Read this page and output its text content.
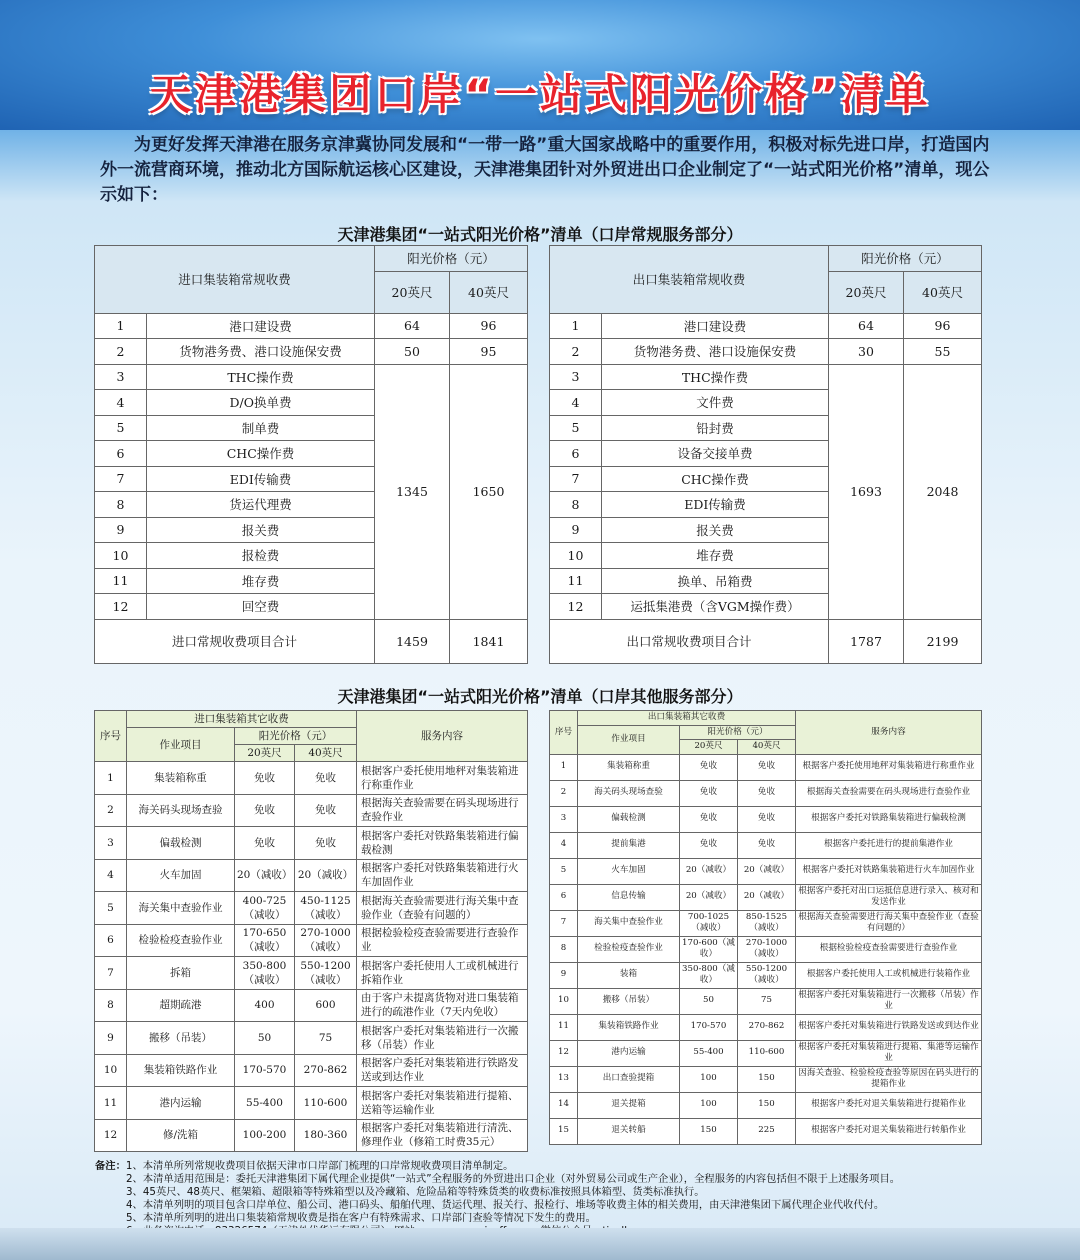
天津港集团口岸“一站式阳光价格”清单
为更好发挥天津港在服务京津冀协同发展和“一带一路”重大国家战略中的重要作用，积极对标先进口岸，打造国内外一流营商环境，推动北方国际航运核心区建设，天津港集团针对外贸进出口企业制定了“一站式阳光价格”清单，现公示如下：
天津港集团“一站式阳光价格”清单（口岸常规服务部分）
进口集装箱常规收费		阳光价格（元）	
		20英尺	40英尺
1	港口建设费	64	96
2	货物港务费、港口设施保安费	50	95
3	THC操作费	1345	1650
4	D/O换单费		
5	制单费		
6	CHC操作费		
7	EDI传输费		
8	货运代理费		
9	报关费		
10	报检费		
11	堆存费		
12	回空费		
进口常规收费项目合计		1459	1841
出口集装箱常规收费		阳光价格（元）	
		20英尺	40英尺
1	港口建设费	64	96
2	货物港务费、港口设施保安费	30	55
3	THC操作费	1693	2048
4	文件费		
5	铅封费		
6	设备交接单费		
7	CHC操作费		
8	EDI传输费		
9	报关费		
10	堆存费		
11	换单、吊箱费		
12	运抵集港费（含VGM操作费）		
出口常规收费项目合计		1787	2199
天津港集团“一站式阳光价格”清单（口岸其他服务部分）
序号	进口集装箱其它收费			服务内容
	作业项目	阳光价格（元）		
		20英尺	40英尺	
1	集装箱称重	免收	免收	根据客户委托使用地秤对集装箱进行称重作业
2	海关码头现场查验	免收	免收	根据海关查验需要在码头现场进行查验作业
3	偏载检测	免收	免收	根据客户委托对铁路集装箱进行偏载检测
4	火车加固	20（减收）	20（减收）	根据客户委托对铁路集装箱进行火车加固作业
5	海关集中查验作业	400-725（减收）	450-1125（减收）	根据海关查验需要进行海关集中查验作业（查验有问题的）
6	检验检疫查验作业	170-650（减收）	270-1000（减收）	根据检验检疫查验需要进行查验作业
7	拆箱	350-800（减收）	550-1200（减收）	根据客户委托使用人工或机械进行拆箱作业
8	超期疏港	400	600	由于客户未提离货物对进口集装箱进行的疏港作业（7天内免收）
9	搬移（吊装）	50	75	根据客户委托对集装箱进行一次搬移（吊装）作业
10	集装箱铁路作业	170-570	270-862	根据客户委托对集装箱进行铁路发送或到达作业
11	港内运输	55-400	110-600	根据客户委托对集装箱进行提箱、送箱等运输作业
12	修/洗箱	100-200	180-360	根据客户委托对集装箱进行清洗、修理作业（修箱工时费35元）
序号	出口集装箱其它收费			服务内容
	作业项目	阳光价格（元）		
		20英尺	40英尺	
1	集装箱称重	免收	免收	根据客户委托使用地秤对集装箱进行称重作业
2	海关码头现场查验	免收	免收	根据海关查验需要在码头现场进行查验作业
3	偏载检测	免收	免收	根据客户委托对铁路集装箱进行偏载检测
4	提前集港	免收	免收	根据客户委托进行的提前集港作业
5	火车加固	20（减收）	20（减收）	根据客户委托对铁路集装箱进行火车加固作业
6	信息传输	20（减收）	20（减收）	根据客户委托对出口运抵信息进行录入、核对和发送作业
7	海关集中查验作业	700-1025（减收）	850-1525（减收）	根据海关查验需要进行海关集中查验作业（查验有问题的）
8	检验检疫查验作业	170-600（减收）	270-1000（减收）	根据检验检疫查验需要进行查验作业
9	装箱	350-800（减收）	550-1200（减收）	根据客户委托使用人工或机械进行装箱作业
10	搬移（吊装）	50	75	根据客户委托对集装箱进行一次搬移（吊装）作业
11	集装箱铁路作业	170-570	270-862	根据客户委托对集装箱进行铁路发送或到达作业
12	港内运输	55-400	110-600	根据客户委托对集装箱进行提箱、集港等运输作业
13	出口查验提箱	100	150	因海关查验、检验检疫查验等原因在码头进行的提箱作业
14	退关提箱	100	150	根据客户委托对退关集装箱进行提箱作业
15	退关转船	150	225	根据客户委托对退关集装箱进行转船作业
备注：1、本清单所列常规收费项目依据天津市口岸部门梳理的口岸常规收费项目清单制定。
2、本清单适用范围是：委托天津港集团下属代理企业提供“一站式”全程服务的外贸进出口企业（对外贸易公司或生产企业），全程服务的内容包括但不限于上述服务项目。
3、45英尺、48英尺、框架箱、超限箱等特殊箱型以及冷藏箱、危险品箱等特殊货类的收费标准按照具体箱型、货类标准执行。
4、本清单列明的项目包含口岸单位、船公司、港口码头、船舶代理、货运代理、报关行、报检行、堆场等收费主体的相关费用，由天津港集团下属代理企业代收代付。
5、本清单所列明的进出口集装箱常规收费是指在客户有特殊需求、口岸部门查验等情况下发生的费用。
